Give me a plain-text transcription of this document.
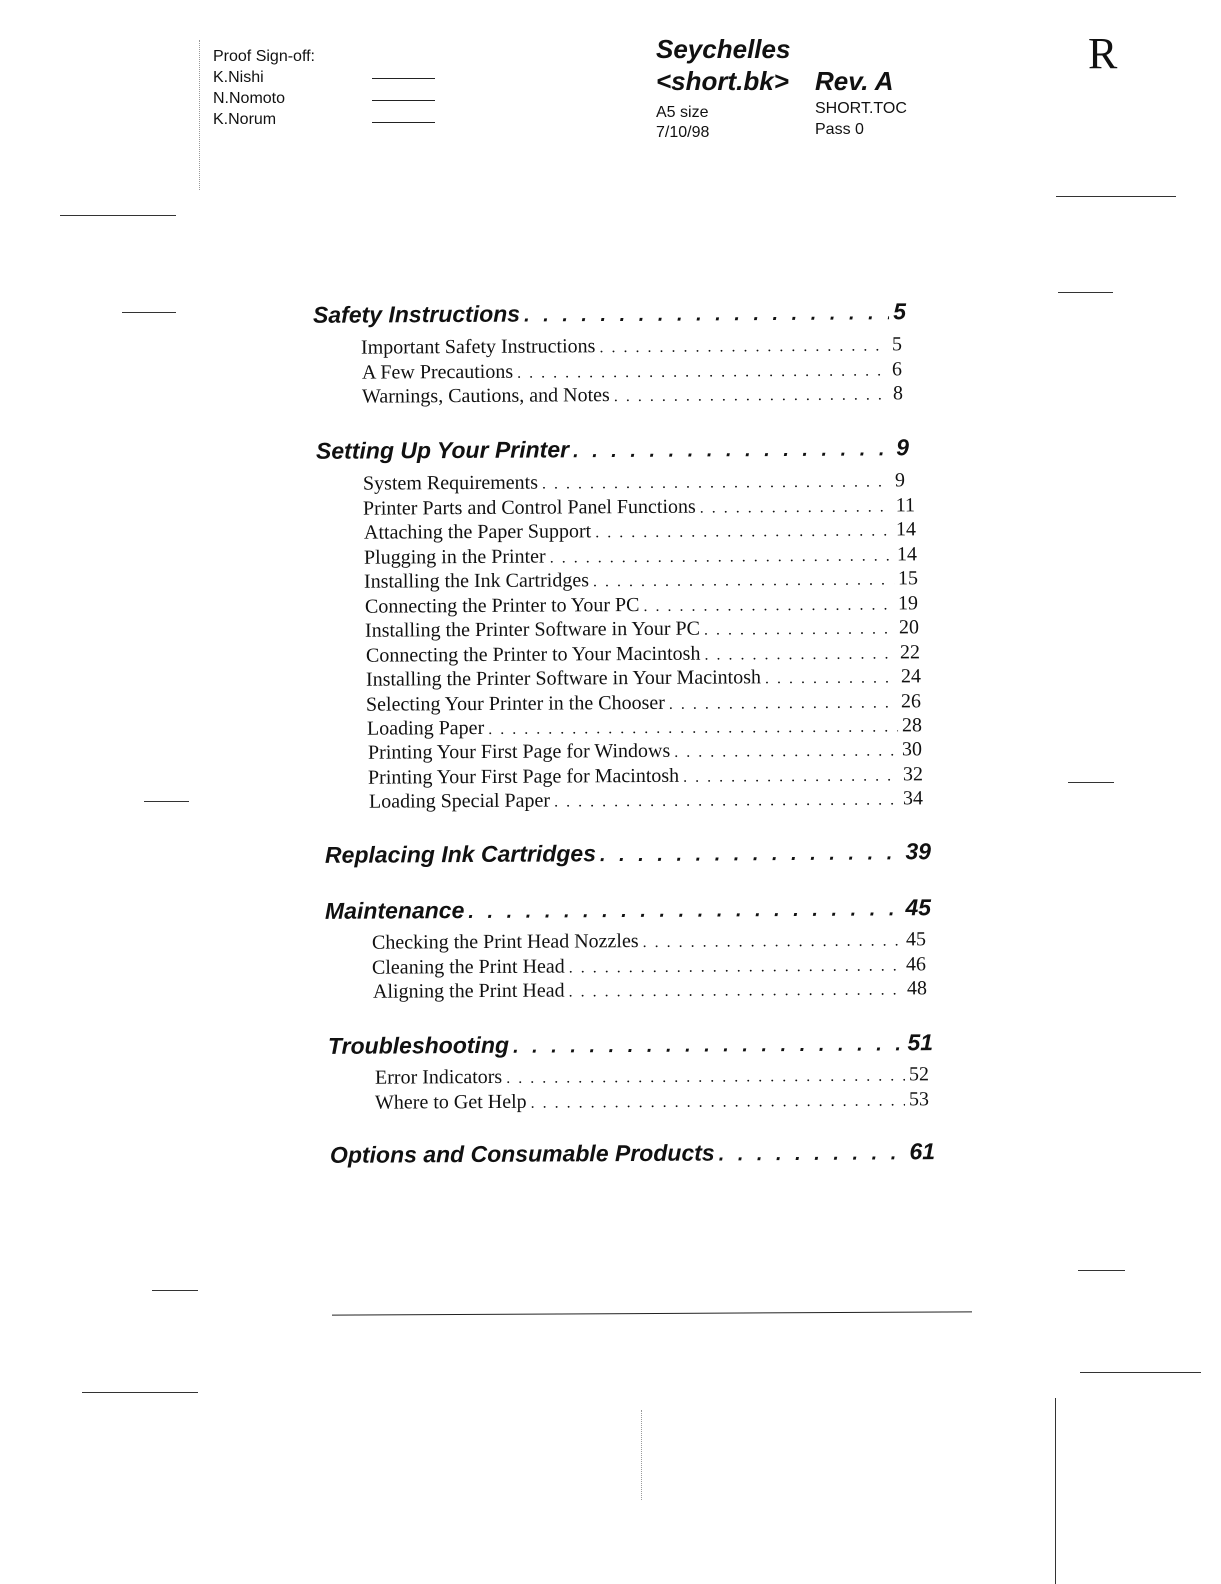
Proof Sign-off:
K.Nishi
N.Nomoto
K.Norum
Seychelles
<short.bk> Rev. A
A5 size
7/10/98
SHORT.TOC
Pass 0
R
Safety Instructions . . .	5
Important Safety Instructions . . .	5
A Few Precautions . . .	6
Warnings, Cautions, and Notes . . .	8
Setting Up Your Printer . . .	9
System Requirements . . .	9
Printer Parts and Control Panel Functions . . .	11
Attaching the Paper Support . . .	14
Plugging in the Printer . . .	14
Installing the Ink Cartridges . . .	15
Connecting the Printer to Your PC . . .	19
Installing the Printer Software in Your PC . . .	20
Connecting the Printer to Your Macintosh . . .	22
Installing the Printer Software in Your Macintosh . . .	24
Selecting Your Printer in the Chooser . . .	26
Loading Paper . . .	28
Printing Your First Page for Windows . . .	30
Printing Your First Page for Macintosh . . .	32
Loading Special Paper . . .	34
Replacing Ink Cartridges . . .	39
Maintenance . . .	45
Checking the Print Head Nozzles . . .	45
Cleaning the Print Head . . .	46
Aligning the Print Head . . .	48
Troubleshooting . . .	51
Error Indicators . . .	52
Where to Get Help . . .	53
Options and Consumable Products . . .	61
